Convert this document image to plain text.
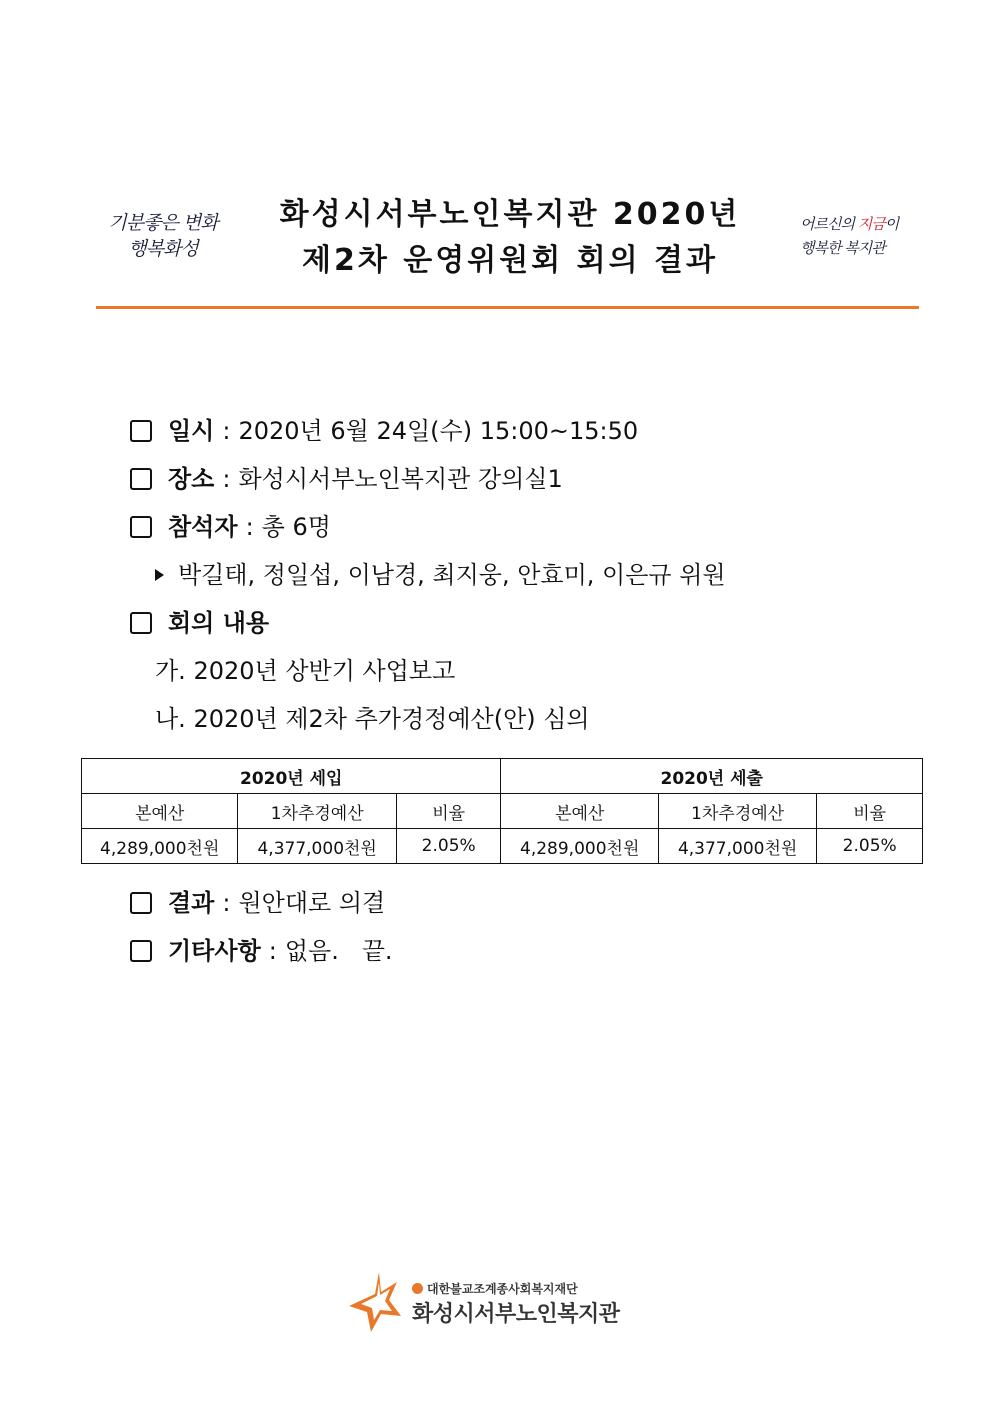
기분좋은 변화
행복화성
화성시서부노인복지관 2020년
제2차 운영위원회 회의 결과
어르신의 지금이
행복한 복지관
일시 : 2020년 6월 24일(수) 15:00~15:50
장소 : 화성시서부노인복지관 강의실1
참석자 : 총 6명
박길태, 정일섭, 이남경, 최지웅, 안효미, 이은규 위원
회의 내용
가. 2020년 상반기 사업보고
나. 2020년 제2차 추가경정예산(안) 심의
2020년 세입			2020년 세출		
본예산	1차추경예산	비율	본예산	1차추경예산	비율
4,289,000천원	4,377,000천원	2.05%	4,289,000천원	4,377,000천원	2.05%
결과 : 원안대로 의결
기타사항 : 없음.   끝.
대한불교조계종사회복지재단
화성시서부노인복지관
